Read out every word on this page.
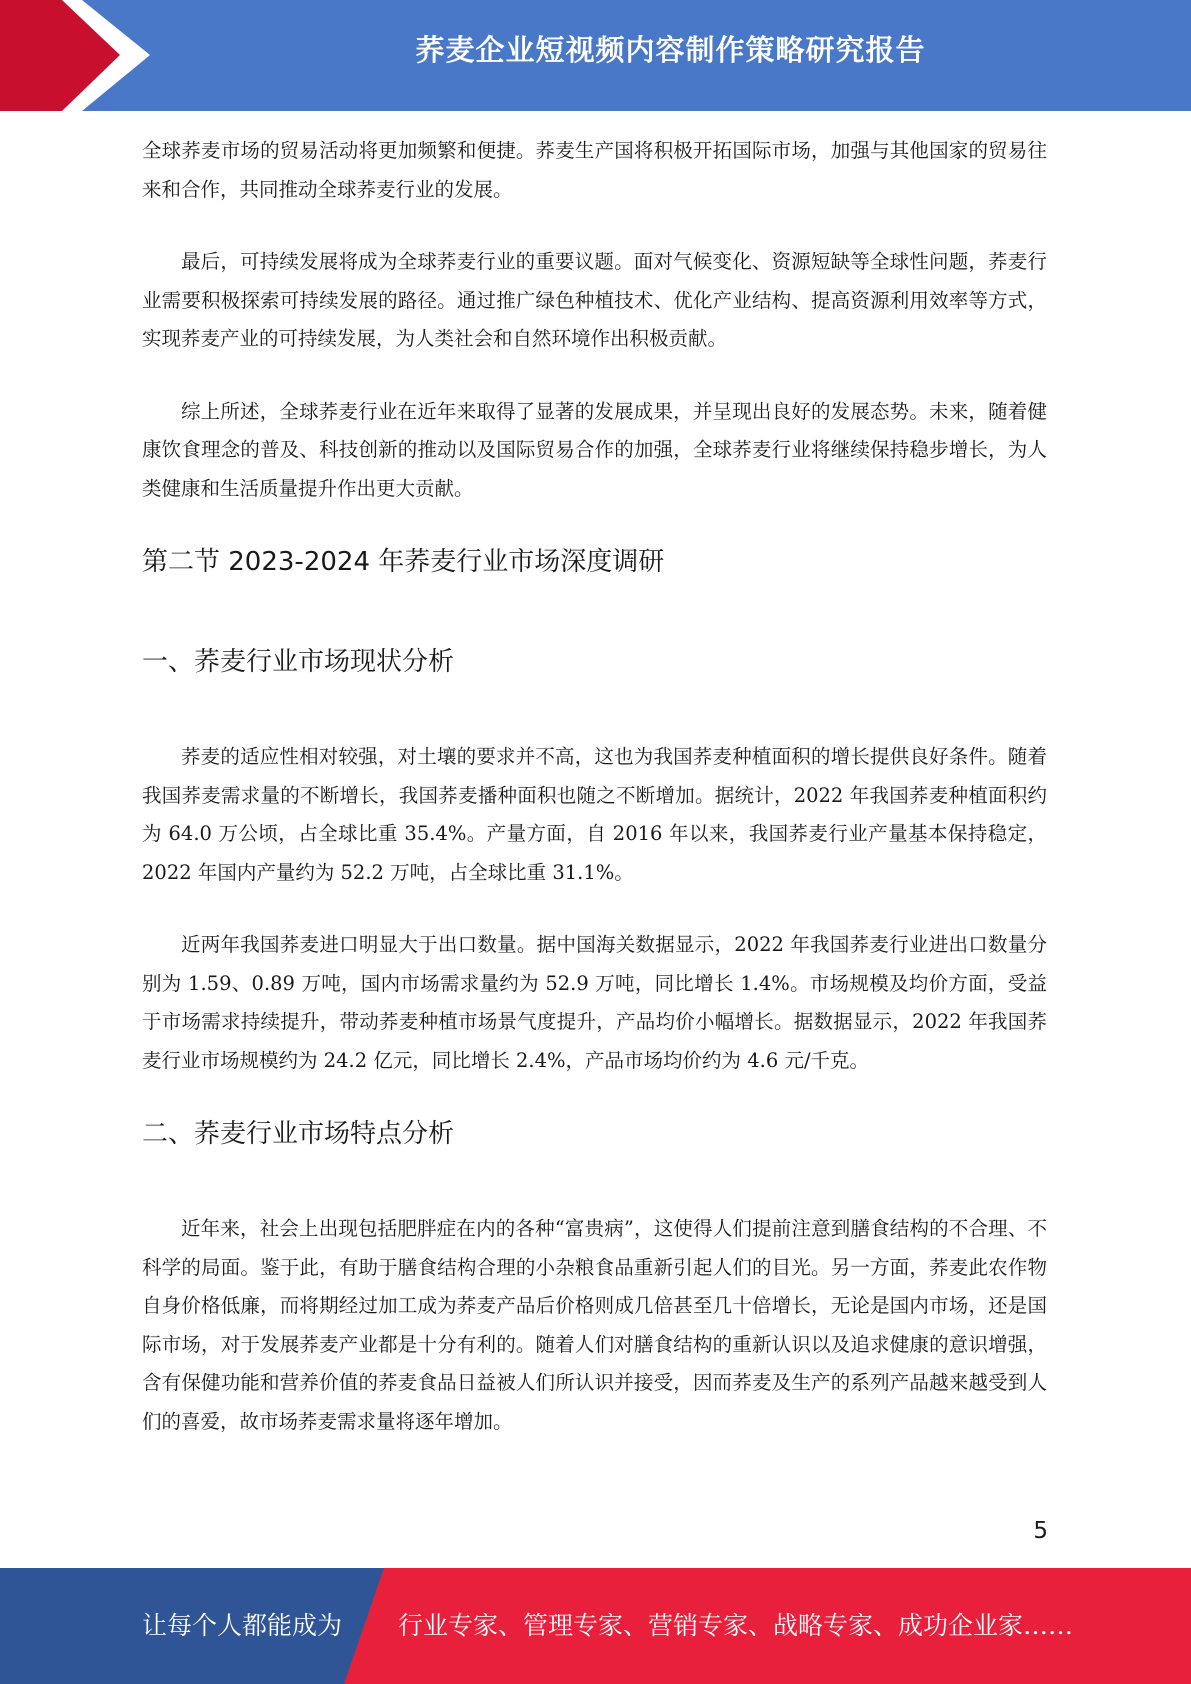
荞麦企业短视频内容制作策略研究报告

全球荞麦市场的贸易活动将更加频繁和便捷。荞麦生产国将积极开拓国际市场，加强与其他国家的贸易往来和合作，共同推动全球荞麦行业的发展。

最后，可持续发展将成为全球荞麦行业的重要议题。面对气候变化、资源短缺等全球性问题，荞麦行业需要积极探索可持续发展的路径。通过推广绿色种植技术、优化产业结构、提高资源利用效率等方式，实现荞麦产业的可持续发展，为人类社会和自然环境作出积极贡献。

综上所述，全球荞麦行业在近年来取得了显著的发展成果，并呈现出良好的发展态势。未来，随着健康饮食理念的普及、科技创新的推动以及国际贸易合作的加强，全球荞麦行业将继续保持稳步增长，为人类健康和生活质量提升作出更大贡献。

第二节 2023-2024 年荞麦行业市场深度调研
一、荞麦行业市场现状分析

荞麦的适应性相对较强，对土壤的要求并不高，这也为我国荞麦种植面积的增长提供良好条件。随着我国荞麦需求量的不断增长，我国荞麦播种面积也随之不断增加。据统计，2022 年我国荞麦种植面积约为 64.0 万公顷，占全球比重 35.4%。产量方面，自 2016 年以来，我国荞麦行业产量基本保持稳定，2022 年国内产量约为 52.2 万吨，占全球比重 31.1%。

近两年我国荞麦进口明显大于出口数量。据中国海关数据显示，2022 年我国荞麦行业进出口数量分别为 1.59、0.89 万吨，国内市场需求量约为 52.9 万吨，同比增长 1.4%。市场规模及均价方面，受益于市场需求持续提升，带动荞麦种植市场景气度提升，产品均价小幅增长。据数据显示，2022 年我国荞麦行业市场规模约为 24.2 亿元，同比增长 2.4%，产品市场均价约为 4.6 元/千克。

二、荞麦行业市场特点分析

近年来，社会上出现包括肥胖症在内的各种“富贵病”，这使得人们提前注意到膳食结构的不合理、不科学的局面。鉴于此，有助于膳食结构合理的小杂粮食品重新引起人们的目光。另一方面，荞麦此农作物自身价格低廉，而将期经过加工成为荞麦产品后价格则成几倍甚至几十倍增长，无论是国内市场，还是国际市场，对于发展荞麦产业都是十分有利的。随着人们对膳食结构的重新认识以及追求健康的意识增强，含有保健功能和营养价值的荞麦食品日益被人们所认识并接受，因而荞麦及生产的系列产品越来越受到人们的喜爱，故市场荞麦需求量将逐年增加。

5
让每个人都能成为 行业专家、管理专家、营销专家、战略专家、成功企业家……
